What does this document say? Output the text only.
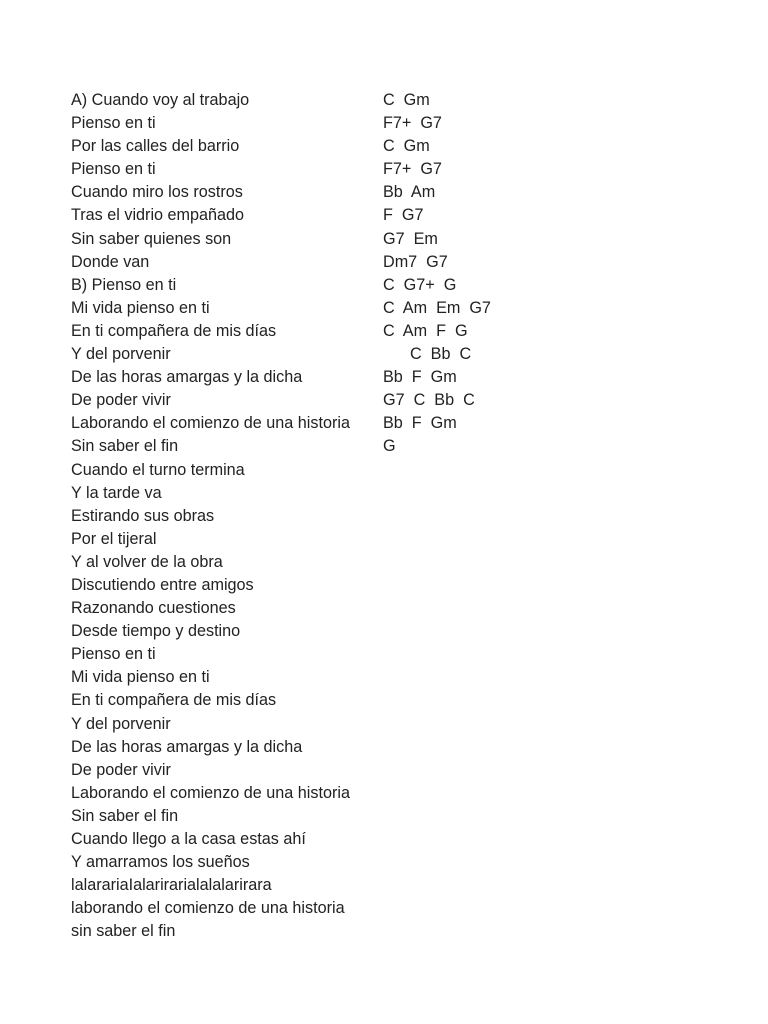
A) Cuando voy al trabajo
Pienso en ti
Por las calles del barrio
Pienso en ti
Cuando miro los rostros
Tras el vidrio empañado
Sin saber quienes son
Donde van
B) Pienso en ti
Mi vida pienso en ti
En ti compañera de mis días
Y del porvenir
De las horas amargas y la dicha
De poder vivir
Laborando el comienzo de una historia
Sin saber el fin
Cuando el turno termina
Y la tarde va
Estirando sus obras
Por el tijeral
Y al volver de la obra
Discutiendo entre amigos
Razonando cuestiones
Desde tiempo y destino
Pienso en ti
Mi vida pienso en ti
En ti compañera de mis días
Y del porvenir
De las horas amargas y la dicha
De poder vivir
Laborando el comienzo de una historia
Sin saber el fin
Cuando llego a la casa estas ahí
Y amarramos los sueños
lalarariaIalarirarialalalarirara
laborando el comienzo de una historia
sin saber el fin
C  Gm
F7+  G7
C  Gm
F7+  G7
Bb  Am
F  G7
G7  Em
Dm7  G7
C  G7+  G
C  Am  Em  G7
C  Am  F  G
C  Bb  C
Bb  F  Gm
G7  C  Bb  C
Bb  F  Gm
G
